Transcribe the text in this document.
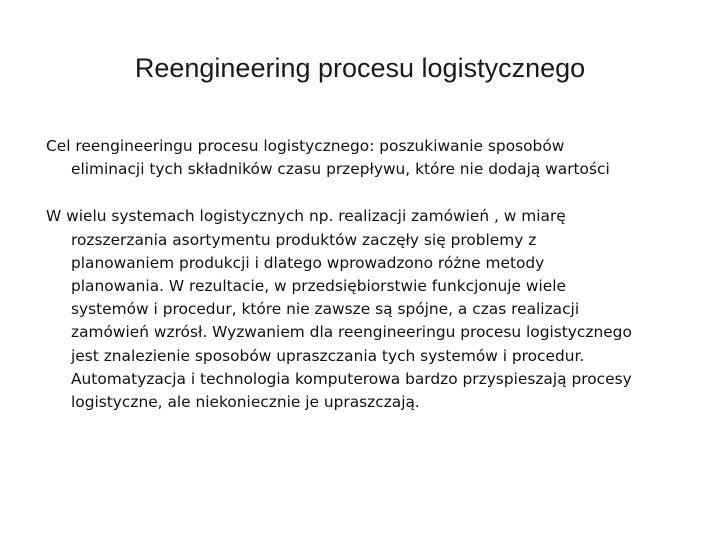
Reengineering procesu logistycznego

Cel reengineeringu procesu logistycznego: poszukiwanie sposobów
eliminacji tych składników czasu przepływu, które nie dodają wartości

W wielu systemach logistycznych np. realizacji zamówień , w miarę
rozszerzania asortymentu produktów zaczęły się problemy z
planowaniem produkcji i dlatego wprowadzono różne metody
planowania. W rezultacie, w przedsiębiorstwie funkcjonuje wiele
systemów i procedur, które nie zawsze są spójne, a czas realizacji
zamówień wzrósł. Wyzwaniem dla reengineeringu procesu logistycznego
jest znalezienie sposobów upraszczania tych systemów i procedur.
Automatyzacja i technologia komputerowa bardzo przyspieszają procesy
logistyczne, ale niekoniecznie je upraszczają.
